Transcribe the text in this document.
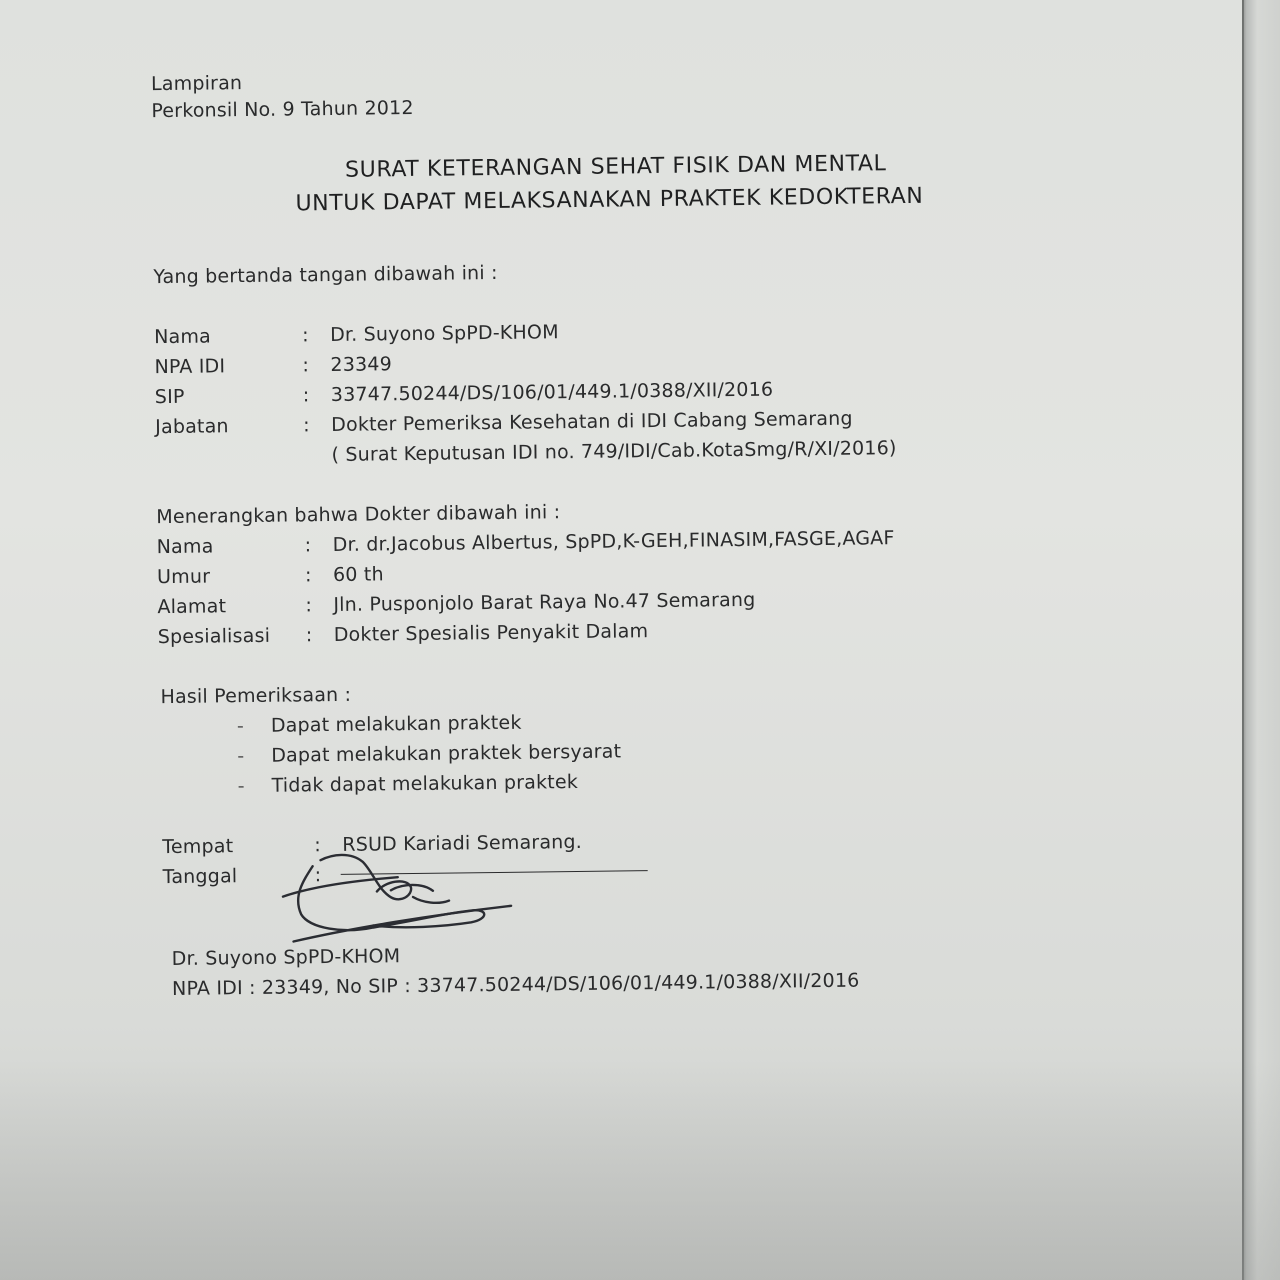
Lampiran
Perkonsil No. 9 Tahun 2012
SURAT KETERANGAN SEHAT FISIK DAN MENTAL
UNTUK DAPAT MELAKSANAKAN PRAKTEK KEDOKTERAN
Yang bertanda tangan dibawah ini :
Nama	: Dr. Suyono SpPD-KHOM
NPA IDI	: 23349
SIP	: 33747.50244/DS/106/01/449.1/0388/XII/2016
Jabatan	: Dokter Pemeriksa Kesehatan di IDI Cabang Semarang
( Surat Keputusan IDI no. 749/IDI/Cab.KotaSmg/R/XI/2016)
Menerangkan bahwa Dokter dibawah ini :
Nama	: Dr. dr.Jacobus Albertus, SpPD,K-GEH,FINASIM,FASGE,AGAF
Umur	: 60 th
Alamat	: Jln. Pusponjolo Barat Raya No.47 Semarang
Spesialisasi : Dokter Spesialis Penyakit Dalam
Hasil Pemeriksaan :
- Dapat melakukan praktek
- Dapat melakukan praktek bersyarat
- Tidak dapat melakukan praktek
Tempat	: RSUD Kariadi Semarang.
Tanggal	:
Dr. Suyono SpPD-KHOM
NPA IDI : 23349, No SIP : 33747.50244/DS/106/01/449.1/0388/XII/2016
